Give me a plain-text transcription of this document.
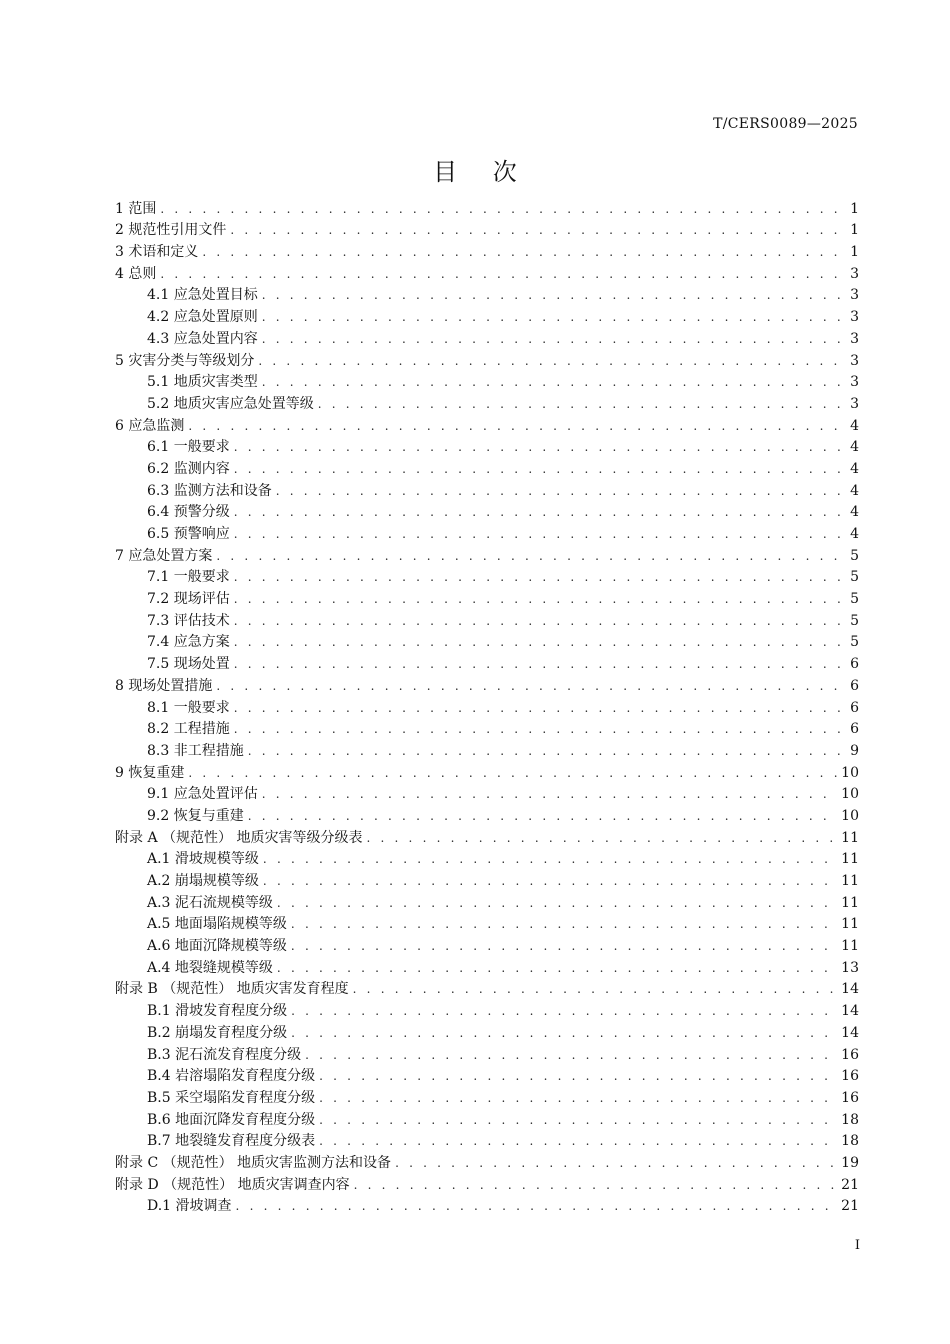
T/CERS0089—2025
目 次
1 范围 . . .	1
2 规范性引用文件 . . .	1
3 术语和定义 . . .	1
4 总则 . . .	3
4.1 应急处置目标 . . .	3
4.2 应急处置原则 . . .	3
4.3 应急处置内容 . . .	3
5 灾害分类与等级划分 . . .	3
5.1 地质灾害类型 . . .	3
5.2 地质灾害应急处置等级 . . .	3
6 应急监测 . . .	4
6.1 一般要求 . . .	4
6.2 监测内容 . . .	4
6.3 监测方法和设备 . . .	4
6.4 预警分级 . . .	4
6.5 预警响应 . . .	4
7 应急处置方案 . . .	5
7.1 一般要求 . . .	5
7.2 现场评估 . . .	5
7.3 评估技术 . . .	5
7.4 应急方案 . . .	5
7.5 现场处置 . . .	6
8 现场处置措施 . . .	6
8.1 一般要求 . . .	6
8.2 工程措施 . . .	6
8.3 非工程措施 . . .	9
9 恢复重建 . . .	10
9.1 应急处置评估 . . .	10
9.2 恢复与重建 . . .	10
附录 A （规范性） 地质灾害等级分级表 . . .	11
A.1 滑坡规模等级 . . .	11
A.2 崩塌规模等级 . . .	11
A.3 泥石流规模等级 . . .	11
A.5 地面塌陷规模等级 . . .	11
A.6 地面沉降规模等级 . . .	11
A.4 地裂缝规模等级 . . .	13
附录 B （规范性） 地质灾害发育程度 . . .	14
B.1 滑坡发育程度分级 . . .	14
B.2 崩塌发育程度分级 . . .	14
B.3 泥石流发育程度分级 . . .	16
B.4 岩溶塌陷发育程度分级 . . .	16
B.5 采空塌陷发育程度分级 . . .	16
B.6 地面沉降发育程度分级 . . .	18
B.7 地裂缝发育程度分级表 . . .	18
附录 C （规范性） 地质灾害监测方法和设备 . . .	19
附录 D （规范性） 地质灾害调查内容 . . .	21
D.1 滑坡调查 . . .	21
I
